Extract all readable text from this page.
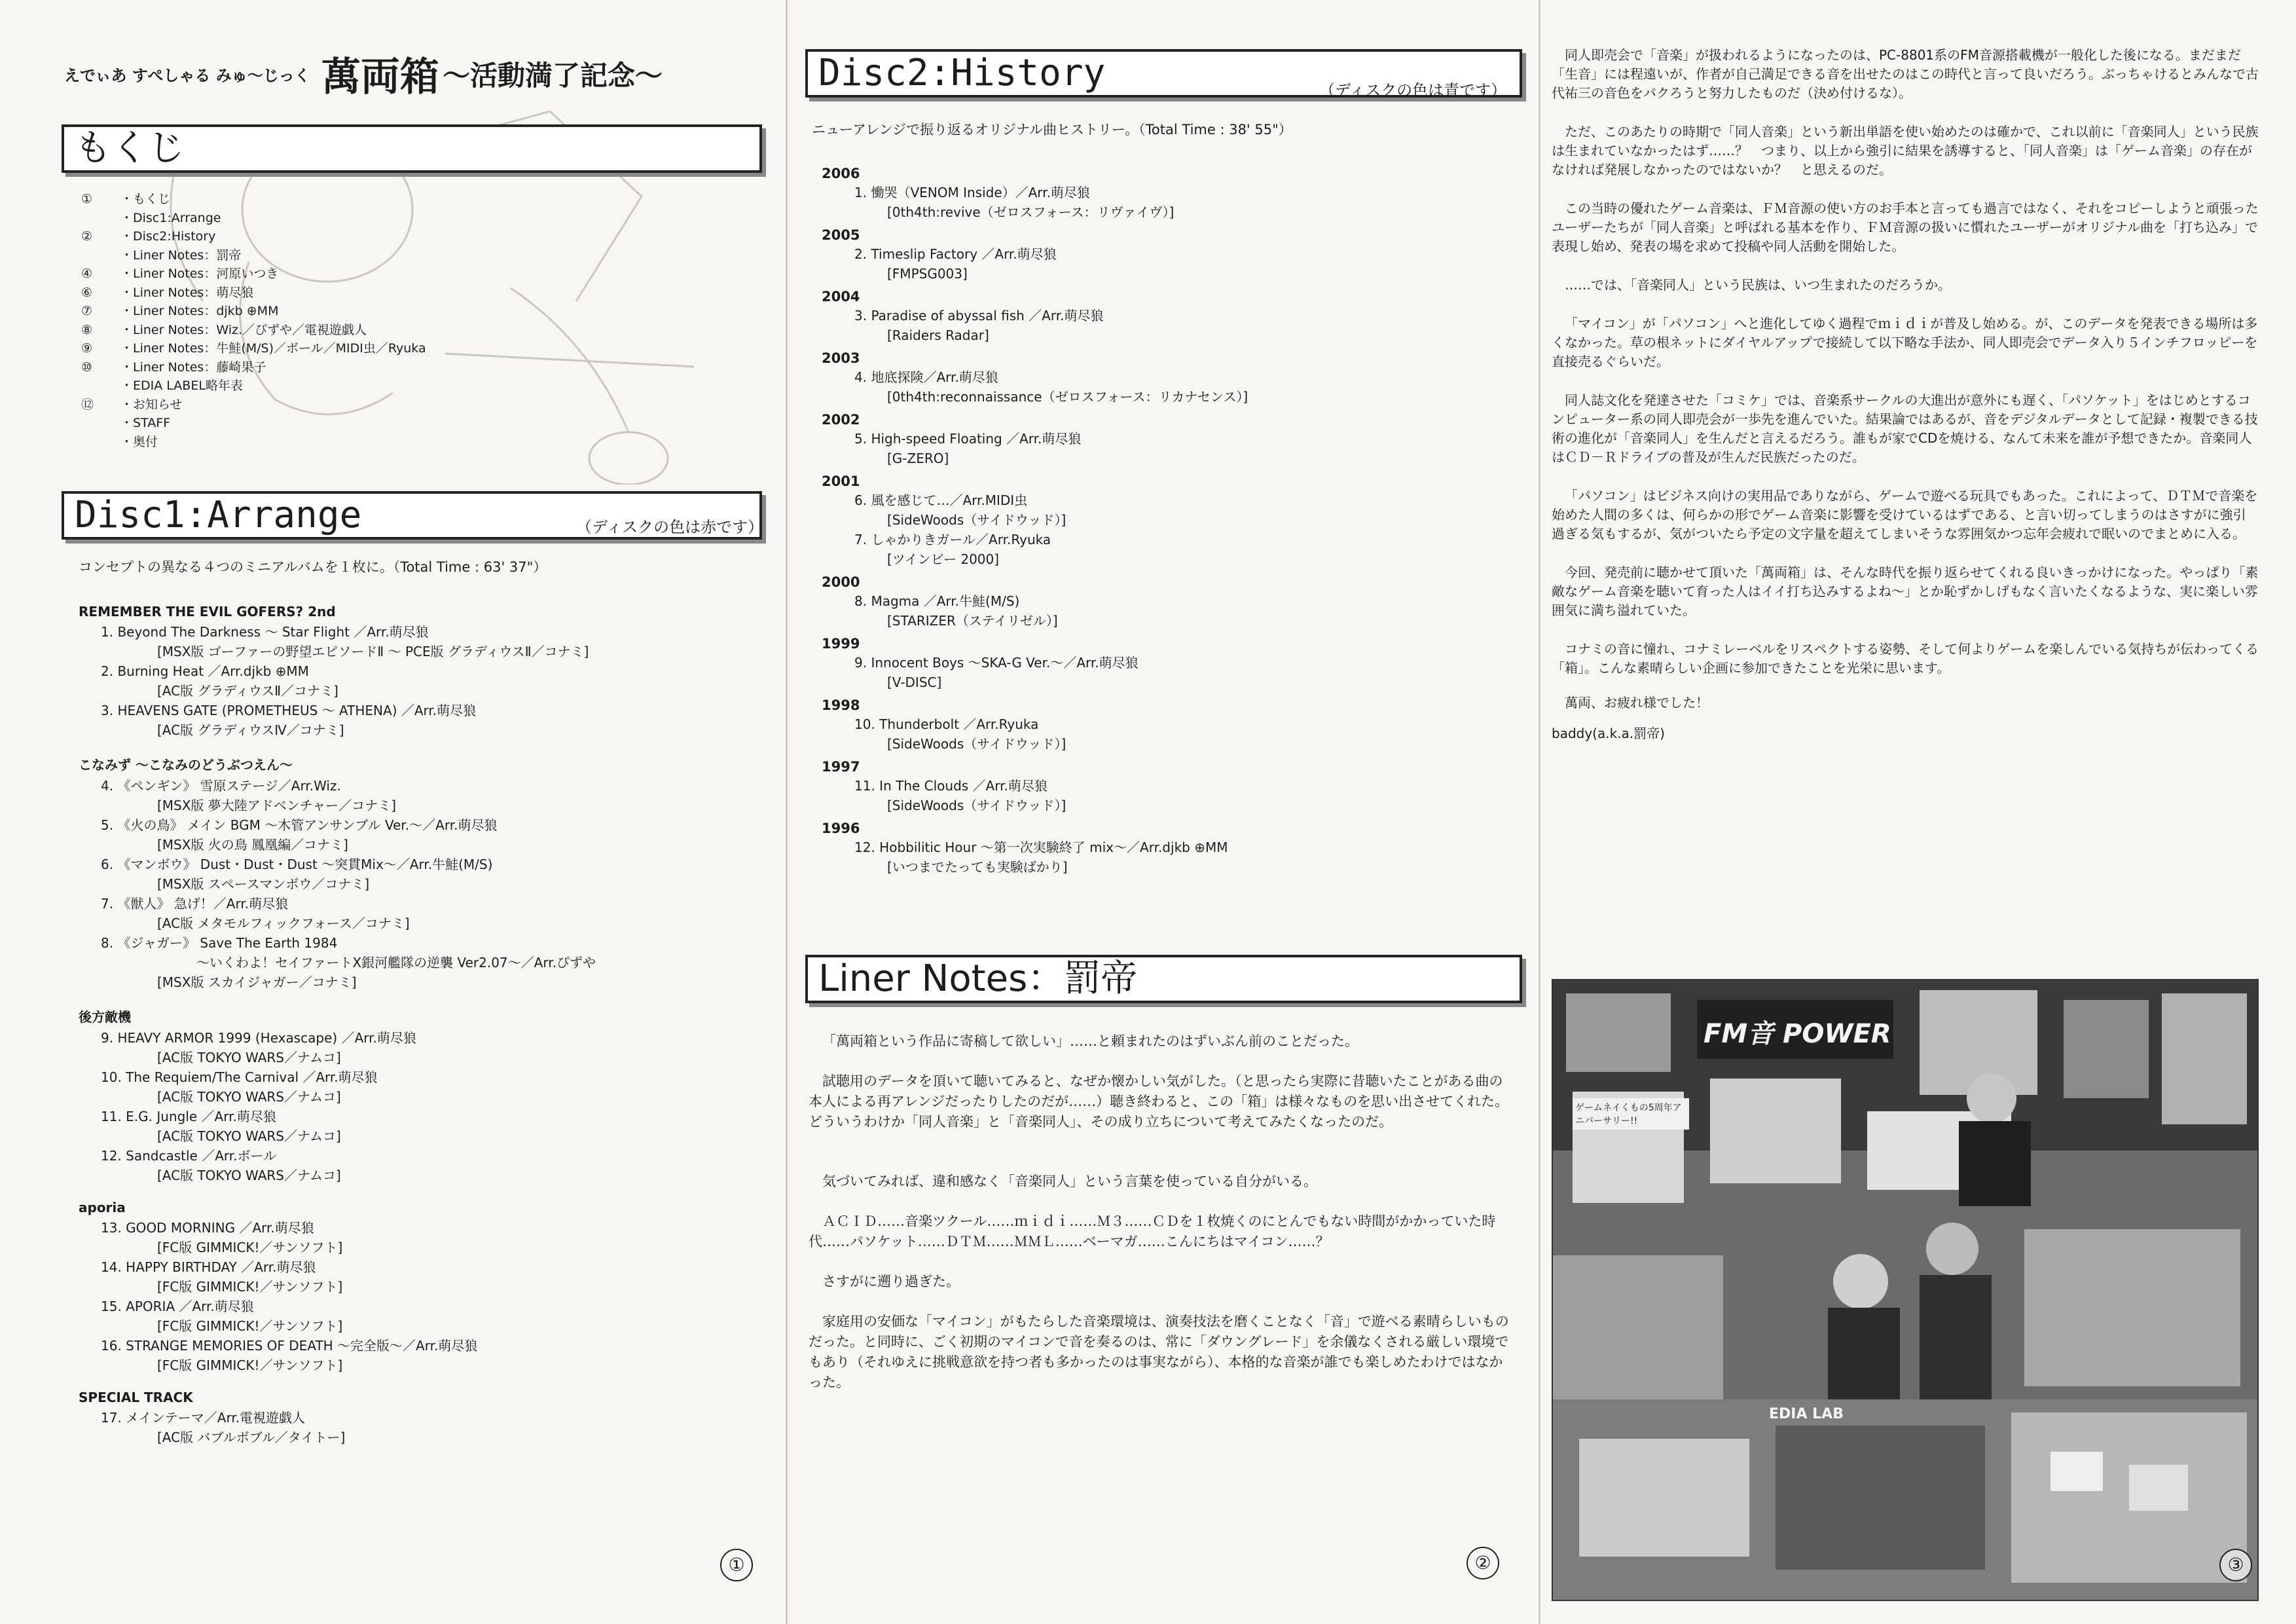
えでぃあ すぺしゃる みゅ〜じっく 萬両箱 〜活動満了記念〜
もくじ
① ・もくじ
・Disc1:Arrange
② ・Disc2:History
・Liner Notes：罰帝
④ ・Liner Notes：河原いつき
⑥ ・Liner Notes：萌尽狼
⑦ ・Liner Notes：djkb ⊕MM
⑧ ・Liner Notes：Wiz.／ぴずや／電視遊戯人
⑨ ・Liner Notes：牛鮭(M/S)／ボール／MIDI虫／Ryuka
⑩ ・Liner Notes：藤崎果子
・EDIA LABEL略年表
⑫ ・お知らせ
・STAFF
・奥付
Disc1:Arrange	（ディスクの色は赤です）
コンセプトの異なる４つのミニアルバムを１枚に。（Total Time : 63' 37"）
REMEMBER THE EVIL GOFERS? 2nd
1. Beyond The Darkness 〜 Star Flight ／Arr.萌尽狼
[MSX版 ゴーファーの野望エピソードⅡ 〜 PCE版 グラディウスⅡ／コナミ]
2. Burning Heat ／Arr.djkb ⊕MM
[AC版 グラディウスⅡ／コナミ]
3. HEAVENS GATE (PROMETHEUS 〜 ATHENA) ／Arr.萌尽狼
[AC版 グラディウスⅣ／コナミ]
こなみず 〜こなみのどうぶつえん〜
4. 《ペンギン》 雪原ステージ／Arr.Wiz.
[MSX版 夢大陸アドベンチャー／コナミ]
5. 《火の鳥》 メイン BGM 〜木管アンサンブル Ver.〜／Arr.萌尽狼
[MSX版 火の鳥 鳳凰編／コナミ]
6. 《マンボウ》 Dust・Dust・Dust 〜突貫Mix〜／Arr.牛鮭(M/S)
[MSX版 スペースマンボウ／コナミ]
7. 《獣人》 急げ！／Arr.萌尽狼
[AC版 メタモルフィックフォース／コナミ]
8. 《ジャガー》 Save The Earth 1984
〜いくわよ！セイファートⅩ銀河艦隊の逆襲 Ver2.07〜／Arr.ぴずや
[MSX版 スカイジャガー／コナミ]
後方敵機
9. HEAVY ARMOR 1999 (Hexascape) ／Arr.萌尽狼
[AC版 TOKYO WARS／ナムコ]
10. The Requiem/The Carnival ／Arr.萌尽狼
[AC版 TOKYO WARS／ナムコ]
11. E.G. Jungle ／Arr.萌尽狼
[AC版 TOKYO WARS／ナムコ]
12. Sandcastle ／Arr.ボール
[AC版 TOKYO WARS／ナムコ]
aporia
13. GOOD MORNING ／Arr.萌尽狼
[FC版 GIMMICK!／サンソフト]
14. HAPPY BIRTHDAY ／Arr.萌尽狼
[FC版 GIMMICK!／サンソフト]
15. APORIA ／Arr.萌尽狼
[FC版 GIMMICK!／サンソフト]
16. STRANGE MEMORIES OF DEATH 〜完全版〜／Arr.萌尽狼
[FC版 GIMMICK!／サンソフト]
SPECIAL TRACK
17. メインテーマ／Arr.電視遊戯人
[AC版 バブルボブル／タイトー]
①
Disc2:History	（ディスクの色は青です）
ニューアレンジで振り返るオリジナル曲ヒストリー。（Total Time : 38' 55"）
2006
1. 慟哭（VENOM Inside）／Arr.萌尽狼
[0th4th:revive（ゼロスフォース：リヴァイヴ）]
2005
2. Timeslip Factory ／Arr.萌尽狼
[FMPSG003]
2004
3. Paradise of abyssal fish ／Arr.萌尽狼
[Raiders Radar]
2003
4. 地底探険／Arr.萌尽狼
[0th4th:reconnaissance（ゼロスフォース：リカナセンス）]
2002
5. High-speed Floating ／Arr.萌尽狼
[G-ZERO]
2001
6. 風を感じて…／Arr.MIDI虫
[SideWoods（サイドウッド）]
7. しゃかりきガール／Arr.Ryuka
[ツインビー 2000]
2000
8. Magma ／Arr.牛鮭(M/S)
[STARIZER（ステイリゼル）]
1999
9. Innocent Boys 〜SKA-G Ver.〜／Arr.萌尽狼
[V-DISC]
1998
10. Thunderbolt ／Arr.Ryuka
[SideWoods（サイドウッド）]
1997
11. In The Clouds ／Arr.萌尽狼
[SideWoods（サイドウッド）]
1996
12. Hobbilitic Hour 〜第一次実験終了 mix〜／Arr.djkb ⊕MM
[いつまでたっても実験ばかり]
Liner Notes：罰帝

「萬両箱という作品に寄稿して欲しい」……と頼まれたのはずいぶん前のことだった。

試聴用のデータを頂いて聴いてみると、なぜか懐かしい気がした。（と思ったら実際に昔聴いたことがある曲の本人による再アレンジだったりしたのだが……）聴き終わると、この「箱」は様々なものを思い出させてくれた。どういうわけか「同人音楽」と「音楽同人」、その成り立ちについて考えてみたくなったのだ。

気づいてみれば、違和感なく「音楽同人」という言葉を使っている自分がいる。

ＡＣＩＤ……音楽ツクール……ｍｉｄｉ……Ｍ３……ＣＤを１枚焼くのにとんでもない時間がかかっていた時代……パソケット……ＤＴＭ……ＭＭＬ……ベーマガ……こんにちはマイコン……？

さすがに遡り過ぎた。

家庭用の安価な「マイコン」がもたらした音楽環境は、演奏技法を磨くことなく「音」で遊べる素晴らしいものだった。と同時に、ごく初期のマイコンで音を奏るのは、常に「ダウングレード」を余儀なくされる厳しい環境でもあり（それゆえに挑戦意欲を持つ者も多かったのは事実ながら）、本格的な音楽が誰でも楽しめたわけではなかった。

②

同人即売会で「音楽」が扱われるようになったのは、PC-8801系のFM音源搭載機が一般化した後になる。まだまだ「生音」には程遠いが、作者が自己満足できる音を出せたのはこの時代と言って良いだろう。ぶっちゃけるとみんなで古代祐三の音色をパクろうと努力したものだ（決め付けるな）。

ただ、このあたりの時期で「同人音楽」という新出単語を使い始めたのは確かで、これ以前に「音楽同人」という民族は生まれていなかったはず……？　つまり、以上から強引に結果を誘導すると、「同人音楽」は「ゲーム音楽」の存在がなければ発展しなかったのではないか？　と思えるのだ。

この当時の優れたゲーム音楽は、ＦＭ音源の使い方のお手本と言っても過言ではなく、それをコピーしようと頑張ったユーザーたちが「同人音楽」と呼ばれる基本を作り、ＦＭ音源の扱いに慣れたユーザーがオリジナル曲を「打ち込み」で表現し始め、発表の場を求めて投稿や同人活動を開始した。

……では、「音楽同人」という民族は、いつ生まれたのだろうか。

「マイコン」が「パソコン」へと進化してゆく過程でｍｉｄｉが普及し始める。が、このデータを発表できる場所は多くなかった。草の根ネットにダイヤルアップで接続して以下略な手法か、同人即売会でデータ入り５インチフロッピーを直接売るぐらいだ。

同人誌文化を発達させた「コミケ」では、音楽系サークルの大進出が意外にも遅く、「パソケット」をはじめとするコンピューター系の同人即売会が一歩先を進んでいた。結果論ではあるが、音をデジタルデータとして記録・複製できる技術の進化が「音楽同人」を生んだと言えるだろう。誰もが家でCDを焼ける、なんて未来を誰が予想できたか。音楽同人はＣＤ－Ｒドライブの普及が生んだ民族だったのだ。

「パソコン」はビジネス向けの実用品でありながら、ゲームで遊べる玩具でもあった。これによって、ＤＴＭで音楽を始めた人間の多くは、何らかの形でゲーム音楽に影響を受けているはずである、と言い切ってしまうのはさすがに強引過ぎる気もするが、気がついたら予定の文字量を超えてしまいそうな雰囲気かつ忘年会疲れで眠いのでまとめに入る。

今回、発売前に聴かせて頂いた「萬両箱」は、そんな時代を振り返らせてくれる良いきっかけになった。やっぱり「素敵なゲーム音楽を聴いて育った人はイイ打ち込みするよね〜」とか恥ずかしげもなく言いたくなるような、実に楽しい雰囲気に満ち溢れていた。

コナミの音に憧れ、コナミレーベルをリスペクトする姿勢、そして何よりゲームを楽しんでいる気持ちが伝わってくる「箱」。こんな素晴らしい企画に参加できたことを光栄に思います。

萬両、お疲れ様でした！

baddy(a.k.a.罰帝)

③
FM音 POWER
ゲームネイくもの5周年アニバーサリー!!
EDIA LAB
